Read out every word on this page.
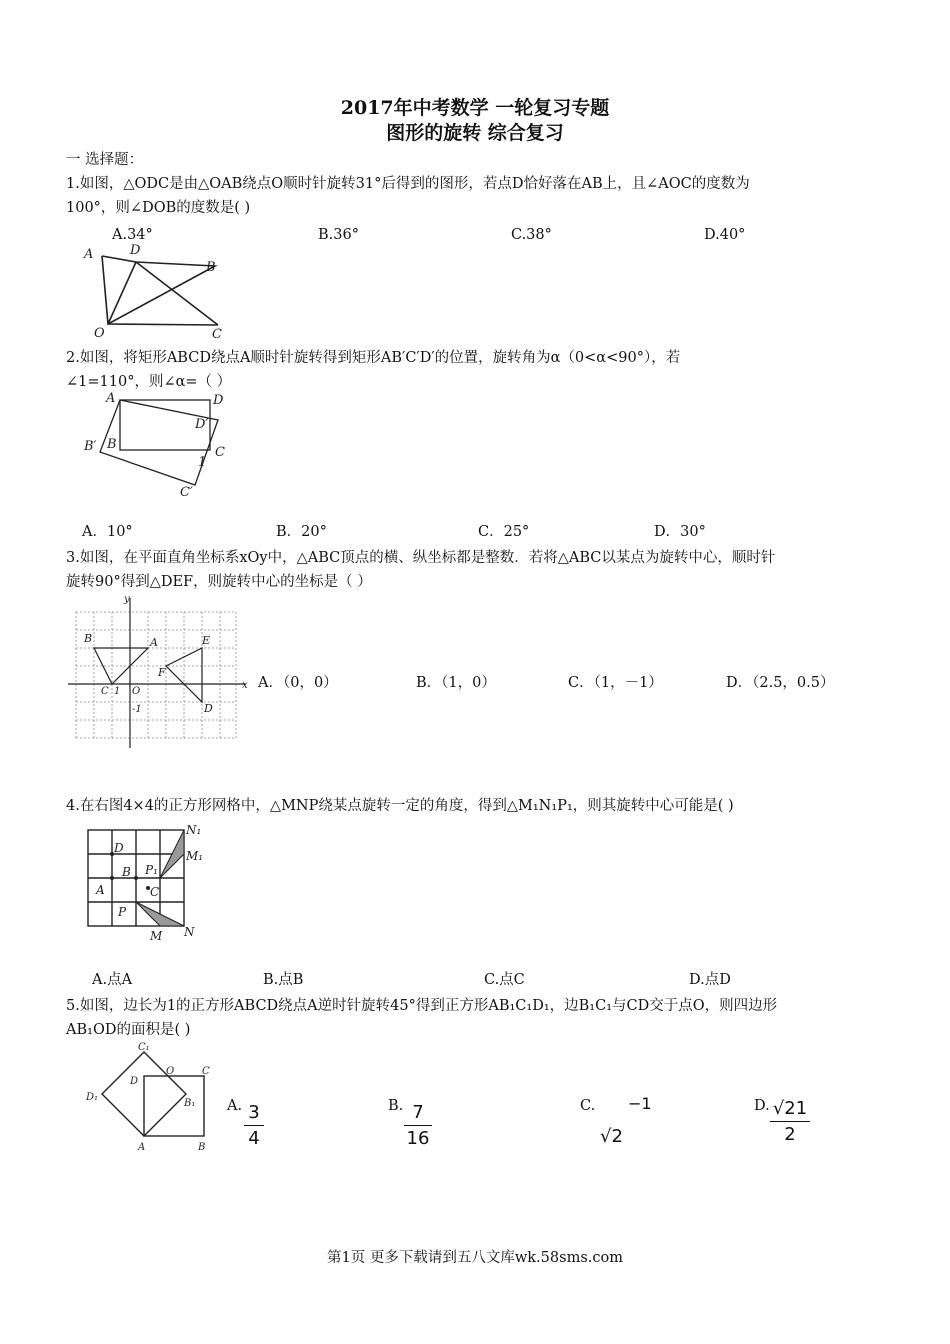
2017年中考数学 一轮复习专题
图形的旋转 综合复习
一 选择题：
1.如图，△ODC是由△OAB绕点O顺时针旋转31°后得到的图形，若点D恰好落在AB上，且∠AOC的度数为
100°，则∠DOB的度数是( )
A.34°	B.36°	C.38°	D.40°
A	D
B
O	C
2.如图，将矩形ABCD绕点A顺时针旋转得到矩形AB′C′D′的位置，旋转角为α（0<α<90°），若
∠1=110°，则∠α=（ ）
A	D
D′
B′ B
C
1
C′
A．10°	B．20°	C．25°	D．30°
3.如图，在平面直角坐标系xOy中，△ABC顶点的横、纵坐标都是整数．若将△ABC以某点为旋转中心，顺时针
旋转90°得到△DEF，则旋转中心的坐标是（ ）
y
x
B	A	E
F
C 1 O
-1	D
A．（0，0）	B．（1，0）	C．（1，－1）	D．（2.5，0.5）
4.在右图4×4的正方形网格中，△MNP绕某点旋转一定的角度，得到△M₁N₁P₁，则其旋转中心可能是( )
N₁
M₁
D
P₁
B
A	C
P
M N
A.点A	B.点B	C.点C	D.点D
5.如图，边长为1的正方形ABCD绕点A逆时针旋转45°得到正方形AB₁C₁D₁，边B₁C₁与CD交于点O，则四边形
AB₁OD的面积是( )
C₁
D
O	C
D₁
B₁
A	B
A. 3
4
B. 7
16
C. −1
√2
D. √21
2
第1页 更多下载请到五八文库wk.58sms.com
